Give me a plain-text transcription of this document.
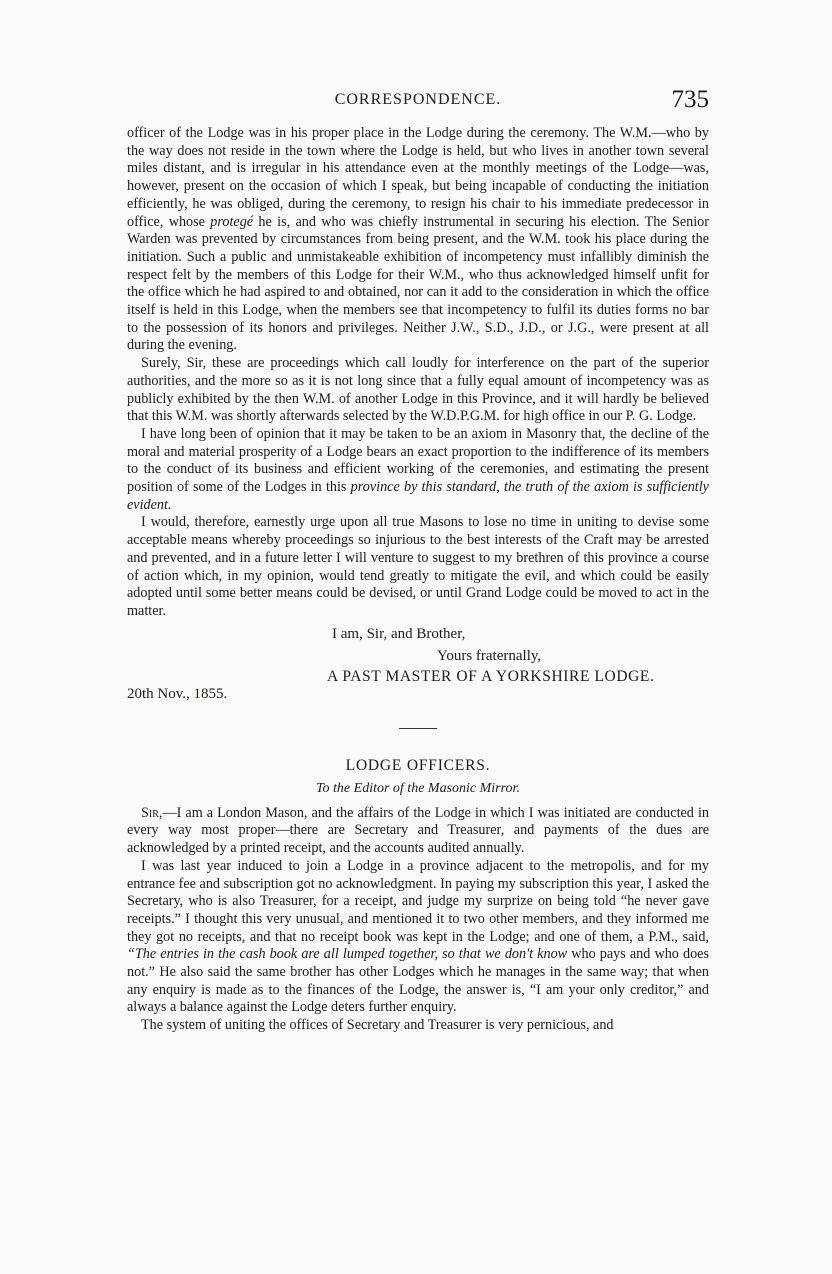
CORRESPONDENCE.	735

officer of the Lodge was in his proper place in the Lodge during the ceremony. The W.M.—who by the way does not reside in the town where the Lodge is held, but who lives in another town several miles distant, and is irregular in his attendance even at the monthly meetings of the Lodge—was, however, present on the occasion of which I speak, but being incapable of conducting the initiation efficiently, he was obliged, during the ceremony, to resign his chair to his immediate predecessor in office, whose protegé he is, and who was chiefly instrumental in securing his election. The Senior Warden was prevented by circumstances from being present, and the W.M. took his place during the initiation. Such a public and unmistakeable exhibition of incompetency must infallibly diminish the respect felt by the members of this Lodge for their W.M., who thus acknowledged himself unfit for the office which he had aspired to and obtained, nor can it add to the consideration in which the office itself is held in this Lodge, when the members see that incompetency to fulfil its duties forms no bar to the possession of its honors and privileges. Neither J.W., S.D., J.D., or J.G., were present at all during the evening.

Surely, Sir, these are proceedings which call loudly for interference on the part of the superior authorities, and the more so as it is not long since that a fully equal amount of incompetency was as publicly exhibited by the then W.M. of another Lodge in this Province, and it will hardly be believed that this W.M. was shortly afterwards selected by the W.D.P.G.M. for high office in our P. G. Lodge.

I have long been of opinion that it may be taken to be an axiom in Masonry that, the decline of the moral and material prosperity of a Lodge bears an exact proportion to the indifference of its members to the conduct of its business and efficient working of the ceremonies, and estimating the present position of some of the Lodges in this province by this standard, the truth of the axiom is sufficiently evident.

I would, therefore, earnestly urge upon all true Masons to lose no time in uniting to devise some acceptable means whereby proceedings so injurious to the best interests of the Craft may be arrested and prevented, and in a future letter I will venture to suggest to my brethren of this province a course of action which, in my opinion, would tend greatly to mitigate the evil, and which could be easily adopted until some better means could be devised, or until Grand Lodge could be moved to act in the matter.

I am, Sir, and Brother,
Yours fraternally,
A PAST MASTER OF A YORKSHIRE LODGE.
20th Nov., 1855.
LODGE OFFICERS.
To the Editor of the Masonic Mirror.

Sir,—I am a London Mason, and the affairs of the Lodge in which I was initiated are conducted in every way most proper—there are Secretary and Treasurer, and payments of the dues are acknowledged by a printed receipt, and the accounts audited annually.

I was last year induced to join a Lodge in a province adjacent to the metropolis, and for my entrance fee and subscription got no acknowledgment. In paying my subscription this year, I asked the Secretary, who is also Treasurer, for a receipt, and judge my surprize on being told “he never gave receipts.” I thought this very unusual, and mentioned it to two other members, and they informed me they got no receipts, and that no receipt book was kept in the Lodge; and one of them, a P.M., said, “The entries in the cash book are all lumped together, so that we don't know who pays and who does not.” He also said the same brother has other Lodges which he manages in the same way; that when any enquiry is made as to the finances of the Lodge, the answer is, “I am your only creditor,” and always a balance against the Lodge deters further enquiry.

The system of uniting the offices of Secretary and Treasurer is very pernicious, and
